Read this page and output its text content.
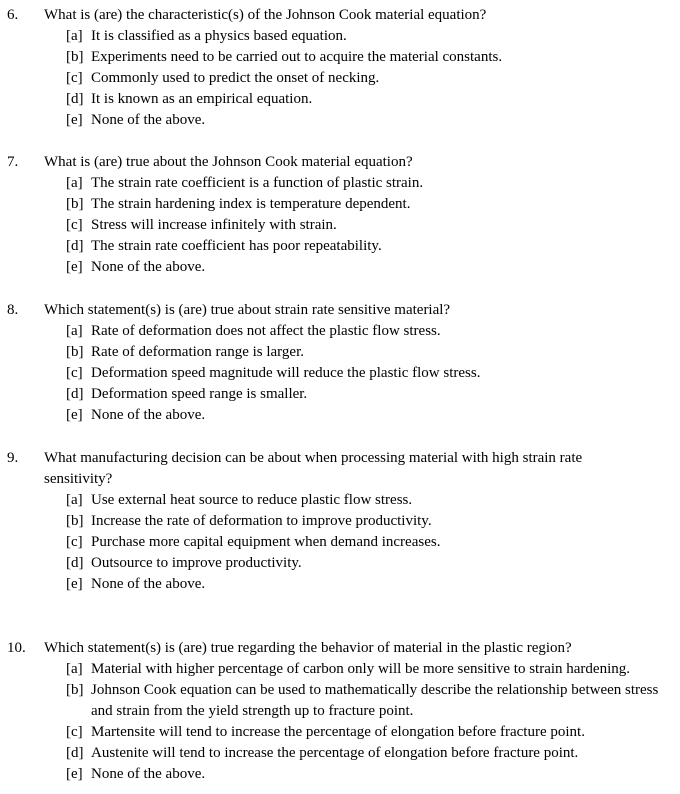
6. What is (are) the characteristic(s) of the Johnson Cook material equation?
[a] It is classified as a physics based equation.
[b] Experiments need to be carried out to acquire the material constants.
[c] Commonly used to predict the onset of necking.
[d] It is known as an empirical equation.
[e] None of the above.
7. What is (are) true about the Johnson Cook material equation?
[a] The strain rate coefficient is a function of plastic strain.
[b] The strain hardening index is temperature dependent.
[c] Stress will increase infinitely with strain.
[d] The strain rate coefficient has poor repeatability.
[e] None of the above.
8. Which statement(s) is (are) true about strain rate sensitive material?
[a] Rate of deformation does not affect the plastic flow stress.
[b] Rate of deformation range is larger.
[c] Deformation speed magnitude will reduce the plastic flow stress.
[d] Deformation speed range is smaller.
[e] None of the above.
9. What manufacturing decision can be about when processing material with high strain rate sensitivity?
[a] Use external heat source to reduce plastic flow stress.
[b] Increase the rate of deformation to improve productivity.
[c] Purchase more capital equipment when demand increases.
[d] Outsource to improve productivity.
[e] None of the above.
10. Which statement(s) is (are) true regarding the behavior of material in the plastic region?
[a] Material with higher percentage of carbon only will be more sensitive to strain hardening.
[b] Johnson Cook equation can be used to mathematically describe the relationship between stress and strain from the yield strength up to fracture point.
[c] Martensite will tend to increase the percentage of elongation before fracture point.
[d] Austenite will tend to increase the percentage of elongation before fracture point.
[e] None of the above.
